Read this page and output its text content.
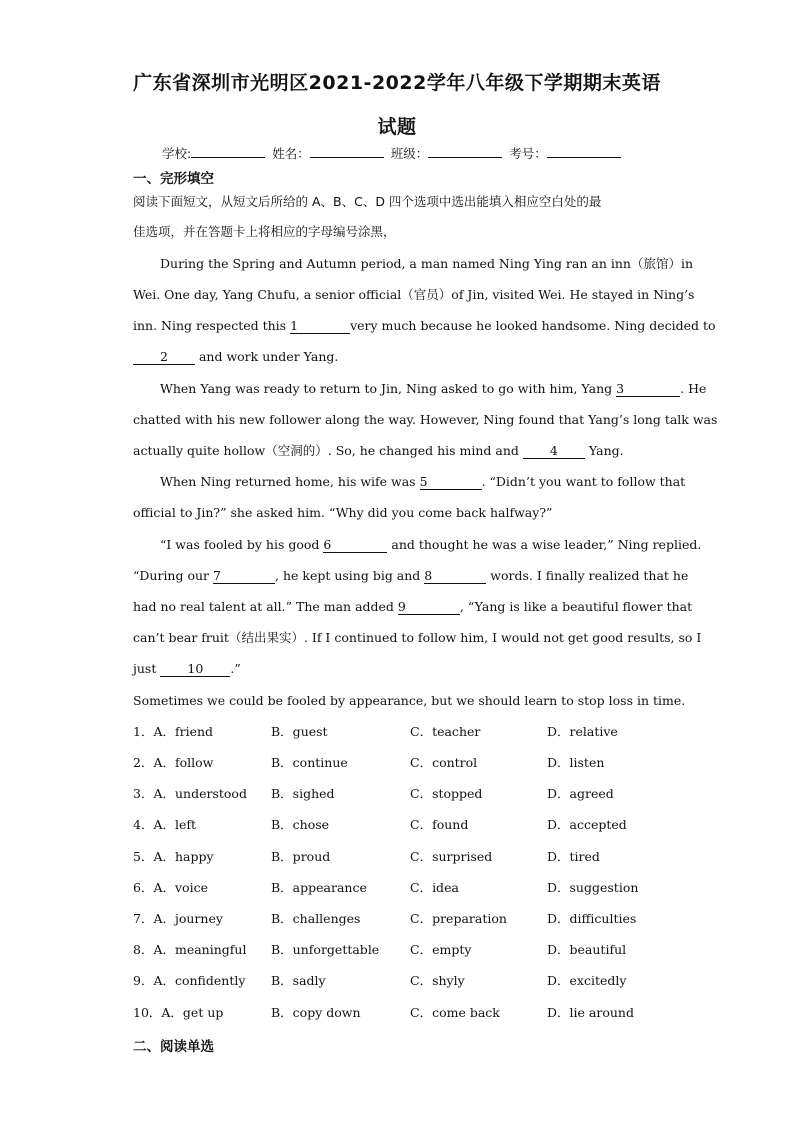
广东省深圳市光明区2021-2022学年八年级下学期期末英语
试题
学校:	姓名：	班级：	考号：
一、完形填空
阅读下面短文，从短文后所给的 A、B、C、D 四个选项中选出能填入相应空白处的最
佳选项，并在答题卡上将相应的字母编号涂黑，
During the Spring and Autumn period, a man named Ning Ying ran an inn（旅馆）in
Wei. One day, Yang Chufu, a senior official（官员）of Jin, visited Wei. He stayed in Ning’s
inn. Ning respected this 1	very much because he looked handsome. Ning decided to
2 and work under Yang.
When Yang was ready to return to Jin, Ning asked to go with him, Yang 3	. He
chatted with his new follower along the way. However, Ning found that Yang’s long talk was
actually quite hollow（空洞的）. So, he changed his mind and 4 Yang.
When Ning returned home, his wife was 5	. “Didn’t you want to follow that
official to Jin?” she asked him. “Why did you come back halfway?”
“I was fooled by his good 6	and thought he was a wise leader,” Ning replied.
“During our 7	, he kept using big and 8	words. I finally realized that he
had no real talent at all.” The man added 9	, “Yang is like a beautiful flower that
can’t bear fruit（结出果实）. If I continued to follow him, I would not get good results, so I
just 10 .”
Sometimes we could be fooled by appearance, but we should learn to stop loss in time.
1．A．friend	B．guest	C．teacher	D．relative
2．A．follow	B．continue	C．control	D．listen
3．A．understood B．sighed	C．stopped	D．agreed
4．A．left	B．chose	C．found	D．accepted
5．A．happy	B．proud	C．surprised	D．tired
6．A．voice	B．appearance	C．idea	D．suggestion
7．A．journey	B．challenges	C．preparation	D．difficulties
8．A．meaningful B．unforgettable C．empty	D．beautiful
9．A．confidently B．sadly	C．shyly	D．excitedly
10．A．get up	B．copy down	C．come back	D．lie around
二、阅读单选
